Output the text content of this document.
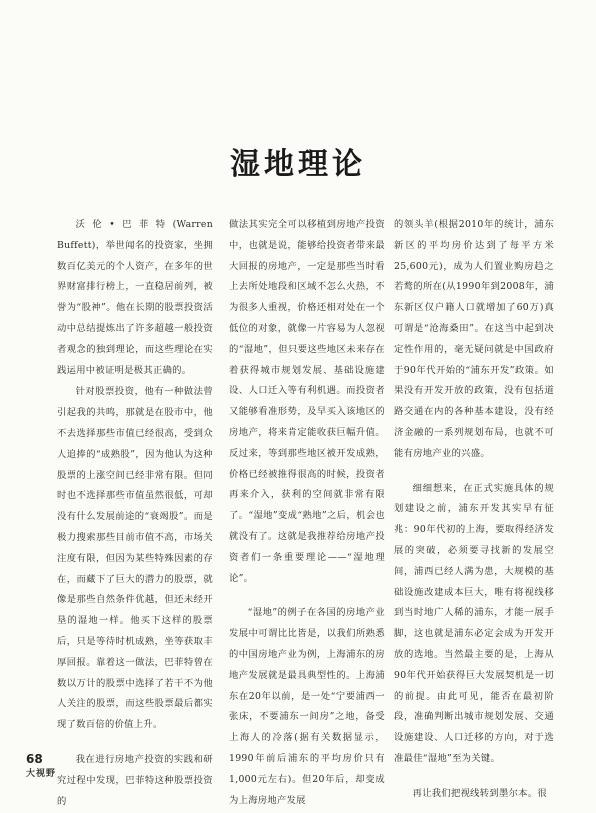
湿地理论

沃伦•巴菲特(Warren Buffett)，举世闻名的投资家，坐拥数百亿美元的个人资产，在多年的世界财富排行榜上，一直稳居前列，被誉为“股神”。他在长期的股票投资活动中总结提炼出了许多超越一般投资者观念的独到理论，而这些理论在实践运用中被证明是极其正确的。

针对股票投资，他有一种做法曾引起我的共鸣，那就是在股市中，他不去选择那些市值已经很高，受到众人追捧的“成熟股”，因为他认为这种股票的上涨空间已经非常有限。但同时也不选择那些市值虽然很低，可却没有什么发展前途的“衰竭股”。而是极力搜索那些目前市值不高，市场关注度有限，但因为某些特殊因素的存在，而藏下了巨大的潜力的股票，就像是那些自然条件优越，但还未经开垦的湿地一样。他买下这样的股票后，只是等待时机成熟，坐等获取丰厚回报。靠着这一做法，巴菲特曾在数以万计的股票中选择了若干不为他人关注的股票，而这些股票最后都实现了数百倍的价值上升。

我在进行房地产投资的实践和研究过程中发现，巴菲特这种股票投资的

做法其实完全可以移植到房地产投资中，也就是说，能够给投资者带来最大回报的房地产，一定是那些当时看上去所处地段和区域不怎么火热，不为很多人重视，价格还相对处在一个低位的对象，就像一片容易为人忽视的“湿地”，但只要这些地区未来存在着获得城市规划发展、基础设施建设、人口迁入等有利机遇。而投资者又能够看准形势，及早买入该地区的房地产，将来肯定能收获巨幅升值。反过来，等到那些地区被开发成熟，价格已经被推得很高的时候，投资者再来介入，获利的空间就非常有限了。“湿地”变成“熟地”之后，机会也就没有了。这就是我推荐给房地产投资者们一条重要理论——“湿地理论”。

“湿地”的例子在各国的房地产业发展中可谓比比皆是，以我们所熟悉的中国房地产业为例，上海浦东的房地产发展就是最具典型性的。上海浦东在20年以前，是一处“宁要浦西一张床，不要浦东一间房”之地，备受上海人的冷落(据有关数据显示，1990年前后浦东的平均房价只有1,000元左右)。但20年后，却变成为上海房地产发展

的领头羊(根据2010年的统计，浦东新区的平均房价达到了每平方米25,600元)，成为人们置业购房趋之若鹜的所在(从1990年到2008年，浦东新区仅户籍人口就增加了60万)真可谓是“沧海桑田”。在这当中起到决定性作用的，毫无疑问就是中国政府于90年代开始的“浦东开发”政策。如果没有开发开放的政策，没有包括道路交通在内的各种基本建设，没有经济金融的一系列规划布局，也就不可能有房地产业的兴盛。

细细想来，在正式实施具体的规划建设之前，浦东开发其实早有征兆：90年代初的上海，要取得经济发展的突破，必须要寻找新的发展空间，浦西已经人满为患，大规模的基础设施改建成本巨大，唯有将视线移到当时地广人稀的浦东，才能一展手脚，这也就是浦东必定会成为开发开放的选地。当然最主要的是，上海从90年代开始获得巨大发展契机是一切的前提。由此可见，能否在最初阶段，准确判断出城市规划发展、交通设施建设、人口迁移的方向，对于选准最佳“湿地”至为关键。

再让我们把视线转到墨尔本。很

68
大视野
